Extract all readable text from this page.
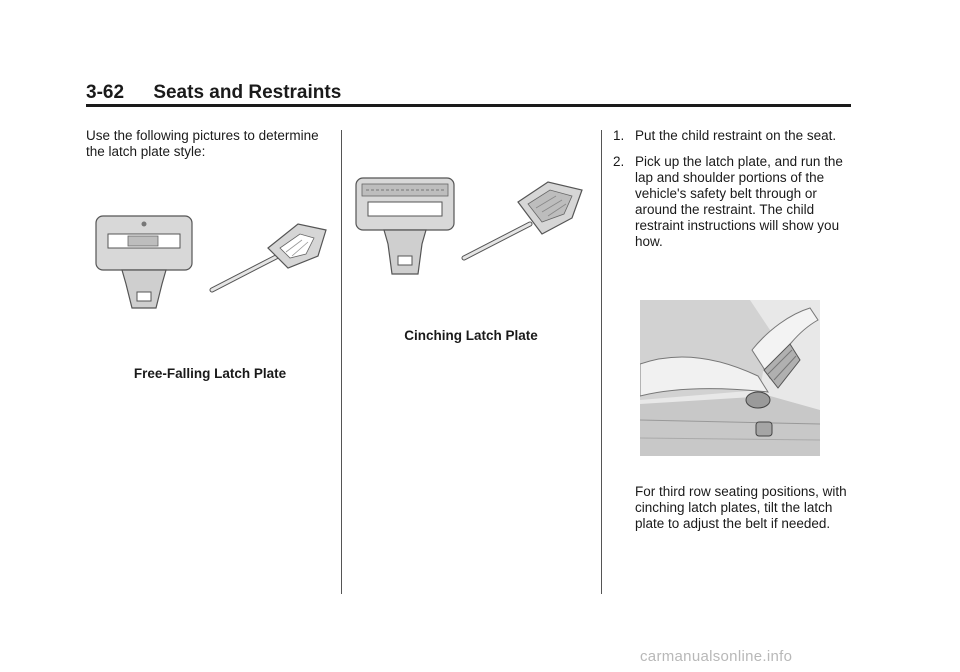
3-62 Seats and Restraints
Use the following pictures to determine the latch plate style:
Free-Falling Latch Plate
Cinching Latch Plate
1. Put the child restraint on the seat.
2. Pick up the latch plate, and run the lap and shoulder portions of the vehicle's safety belt through or around the restraint. The child restraint instructions will show you how.
For third row seating positions, with cinching latch plates, tilt the latch plate to adjust the belt if needed.
carmanualsonline.info
